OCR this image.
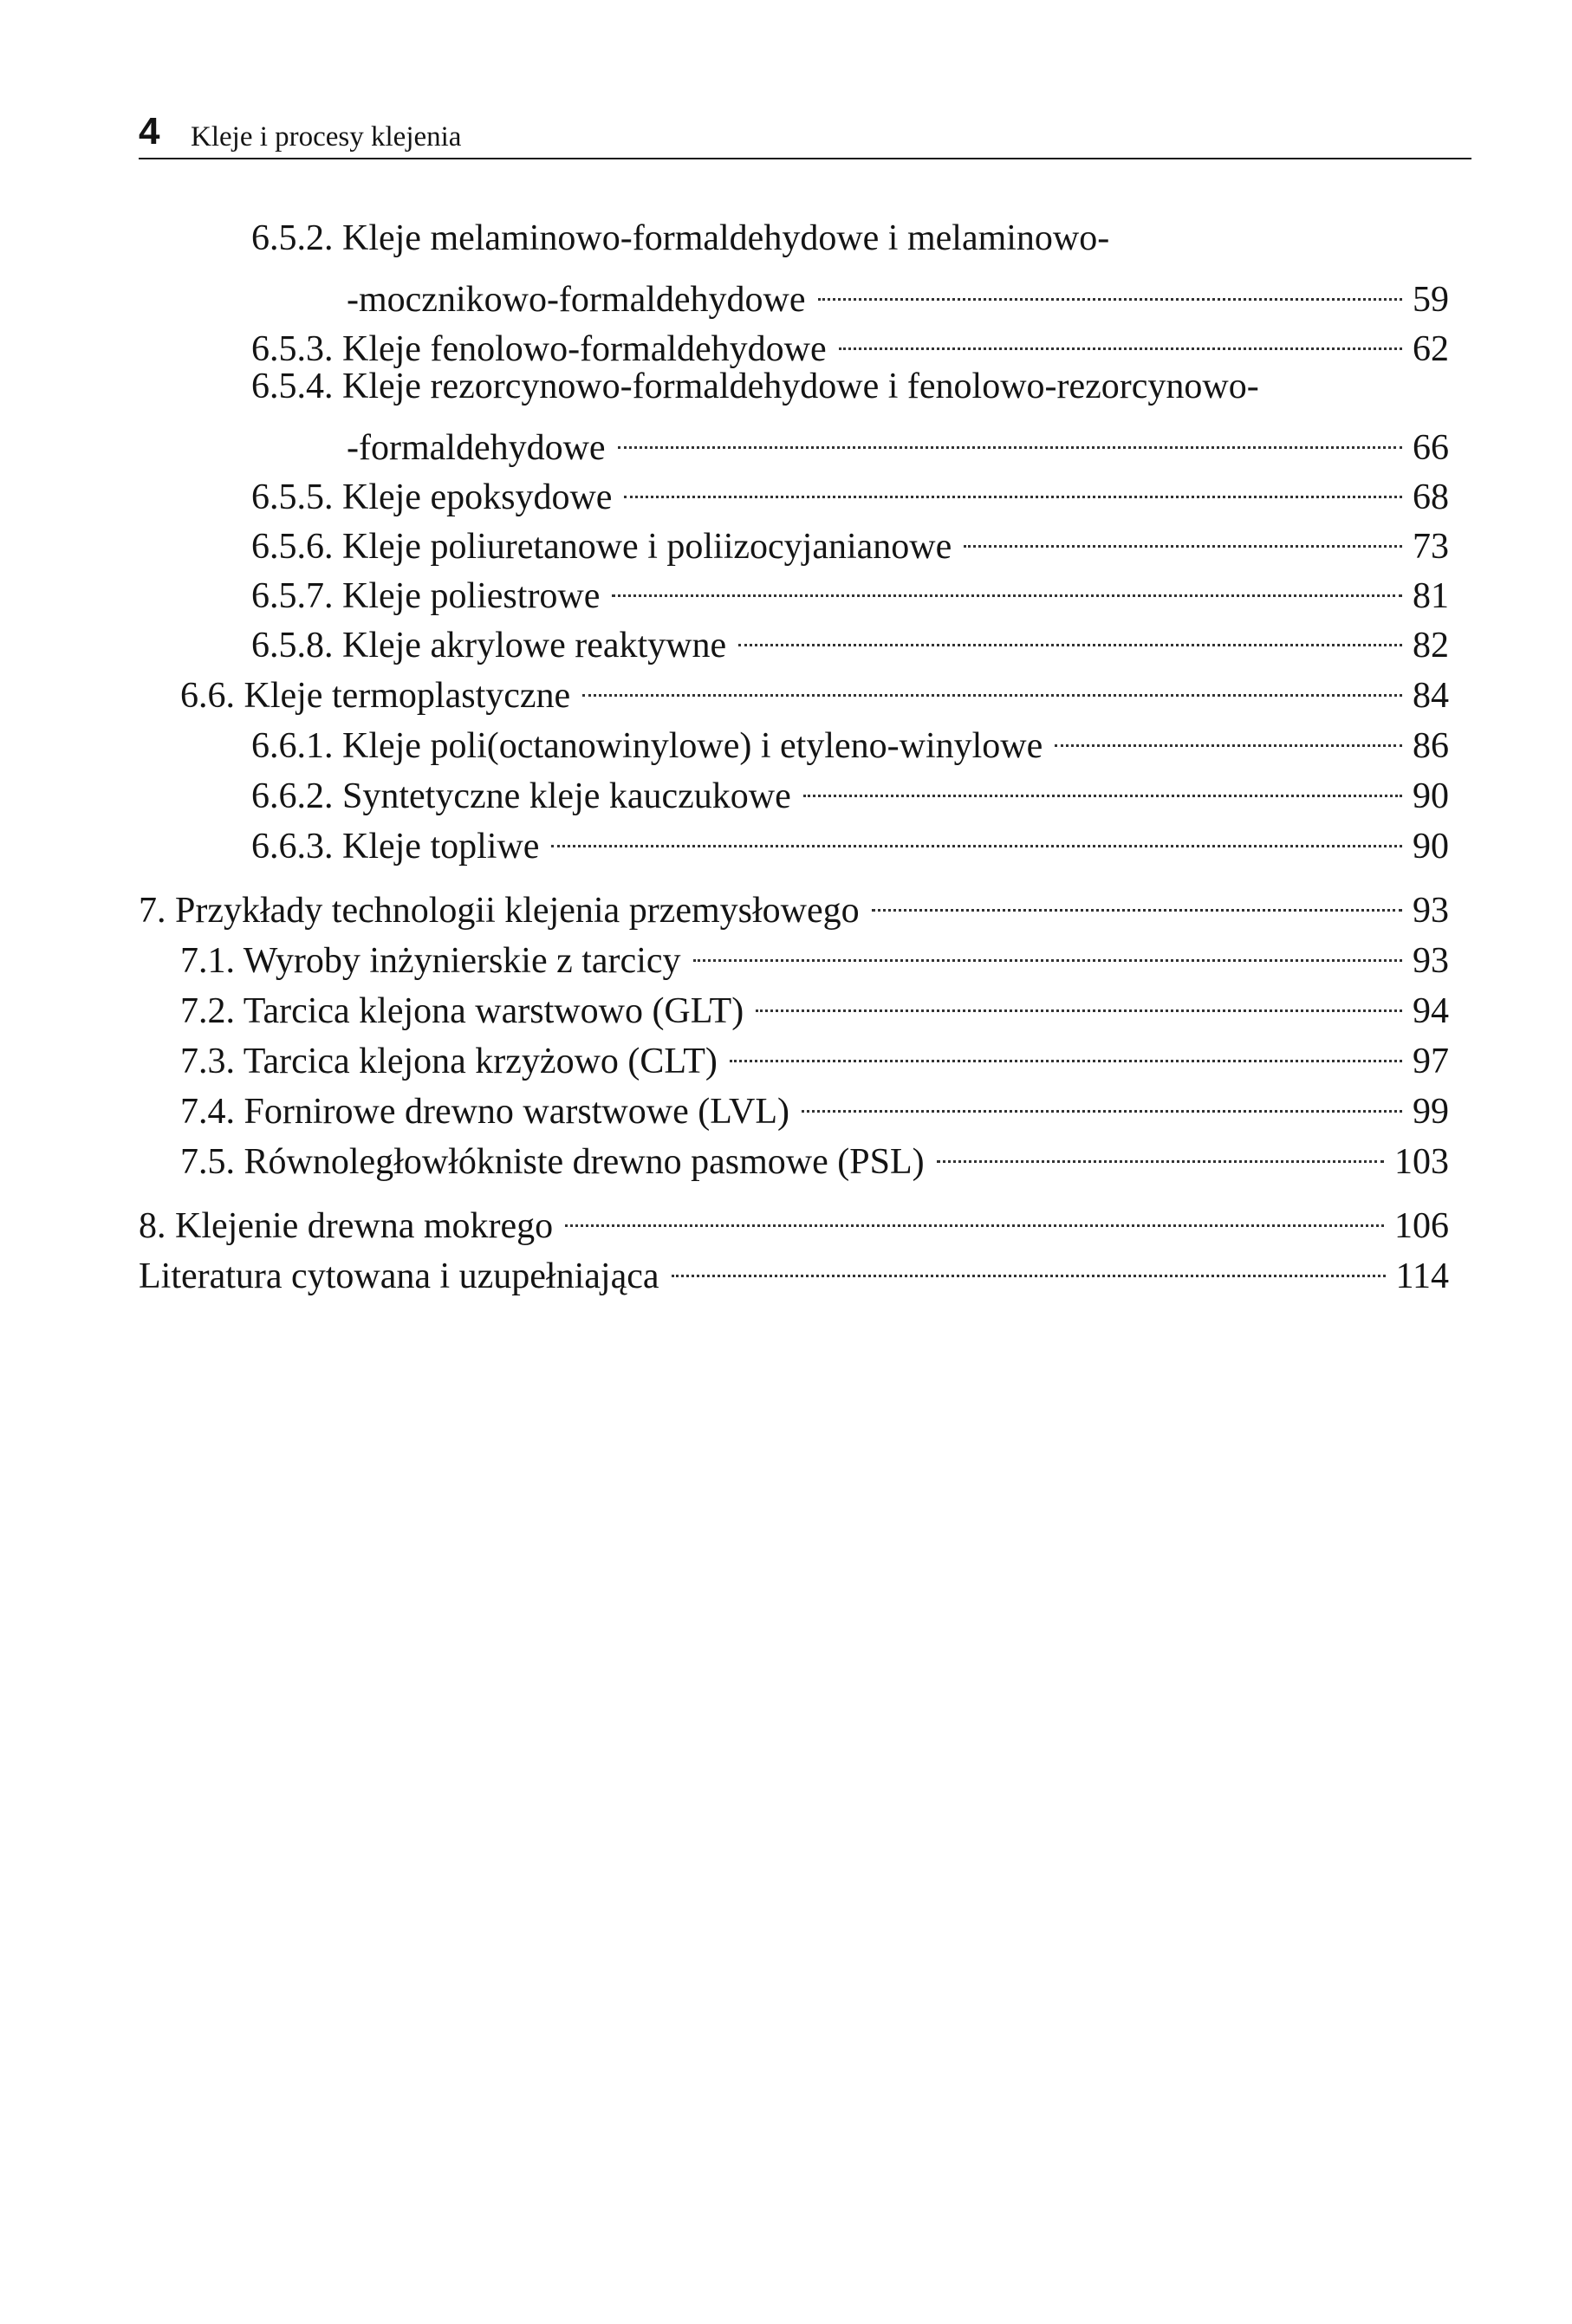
4 Kleje i procesy klejenia
6.5.2. Kleje melaminowo-formaldehydowe i melaminowo-
-mocznikowo-formaldehydowe	59
6.5.3. Kleje fenolowo-formaldehydowe	62
6.5.4. Kleje rezorcynowo-formaldehydowe i fenolowo-rezorcynowo-
-formaldehydowe	66
6.5.5. Kleje epoksydowe	68
6.5.6. Kleje poliuretanowe i poliizocyjanianowe	73
6.5.7. Kleje poliestrowe	81
6.5.8. Kleje akrylowe reaktywne	82
6.6. Kleje termoplastyczne	84
6.6.1. Kleje poli(octanowinylowe) i etyleno-winylowe	86
6.6.2. Syntetyczne kleje kauczukowe	90
6.6.3. Kleje topliwe	90
7. Przykłady technologii klejenia przemysłowego	93
7.1. Wyroby inżynierskie z tarcicy	93
7.2. Tarcica klejona warstwowo (GLT)	94
7.3. Tarcica klejona krzyżowo (CLT)	97
7.4. Fornirowe drewno warstwowe (LVL)	99
7.5. Równoległowłókniste drewno pasmowe (PSL)	103
8. Klejenie drewna mokrego	106
Literatura cytowana i uzupełniająca	114
